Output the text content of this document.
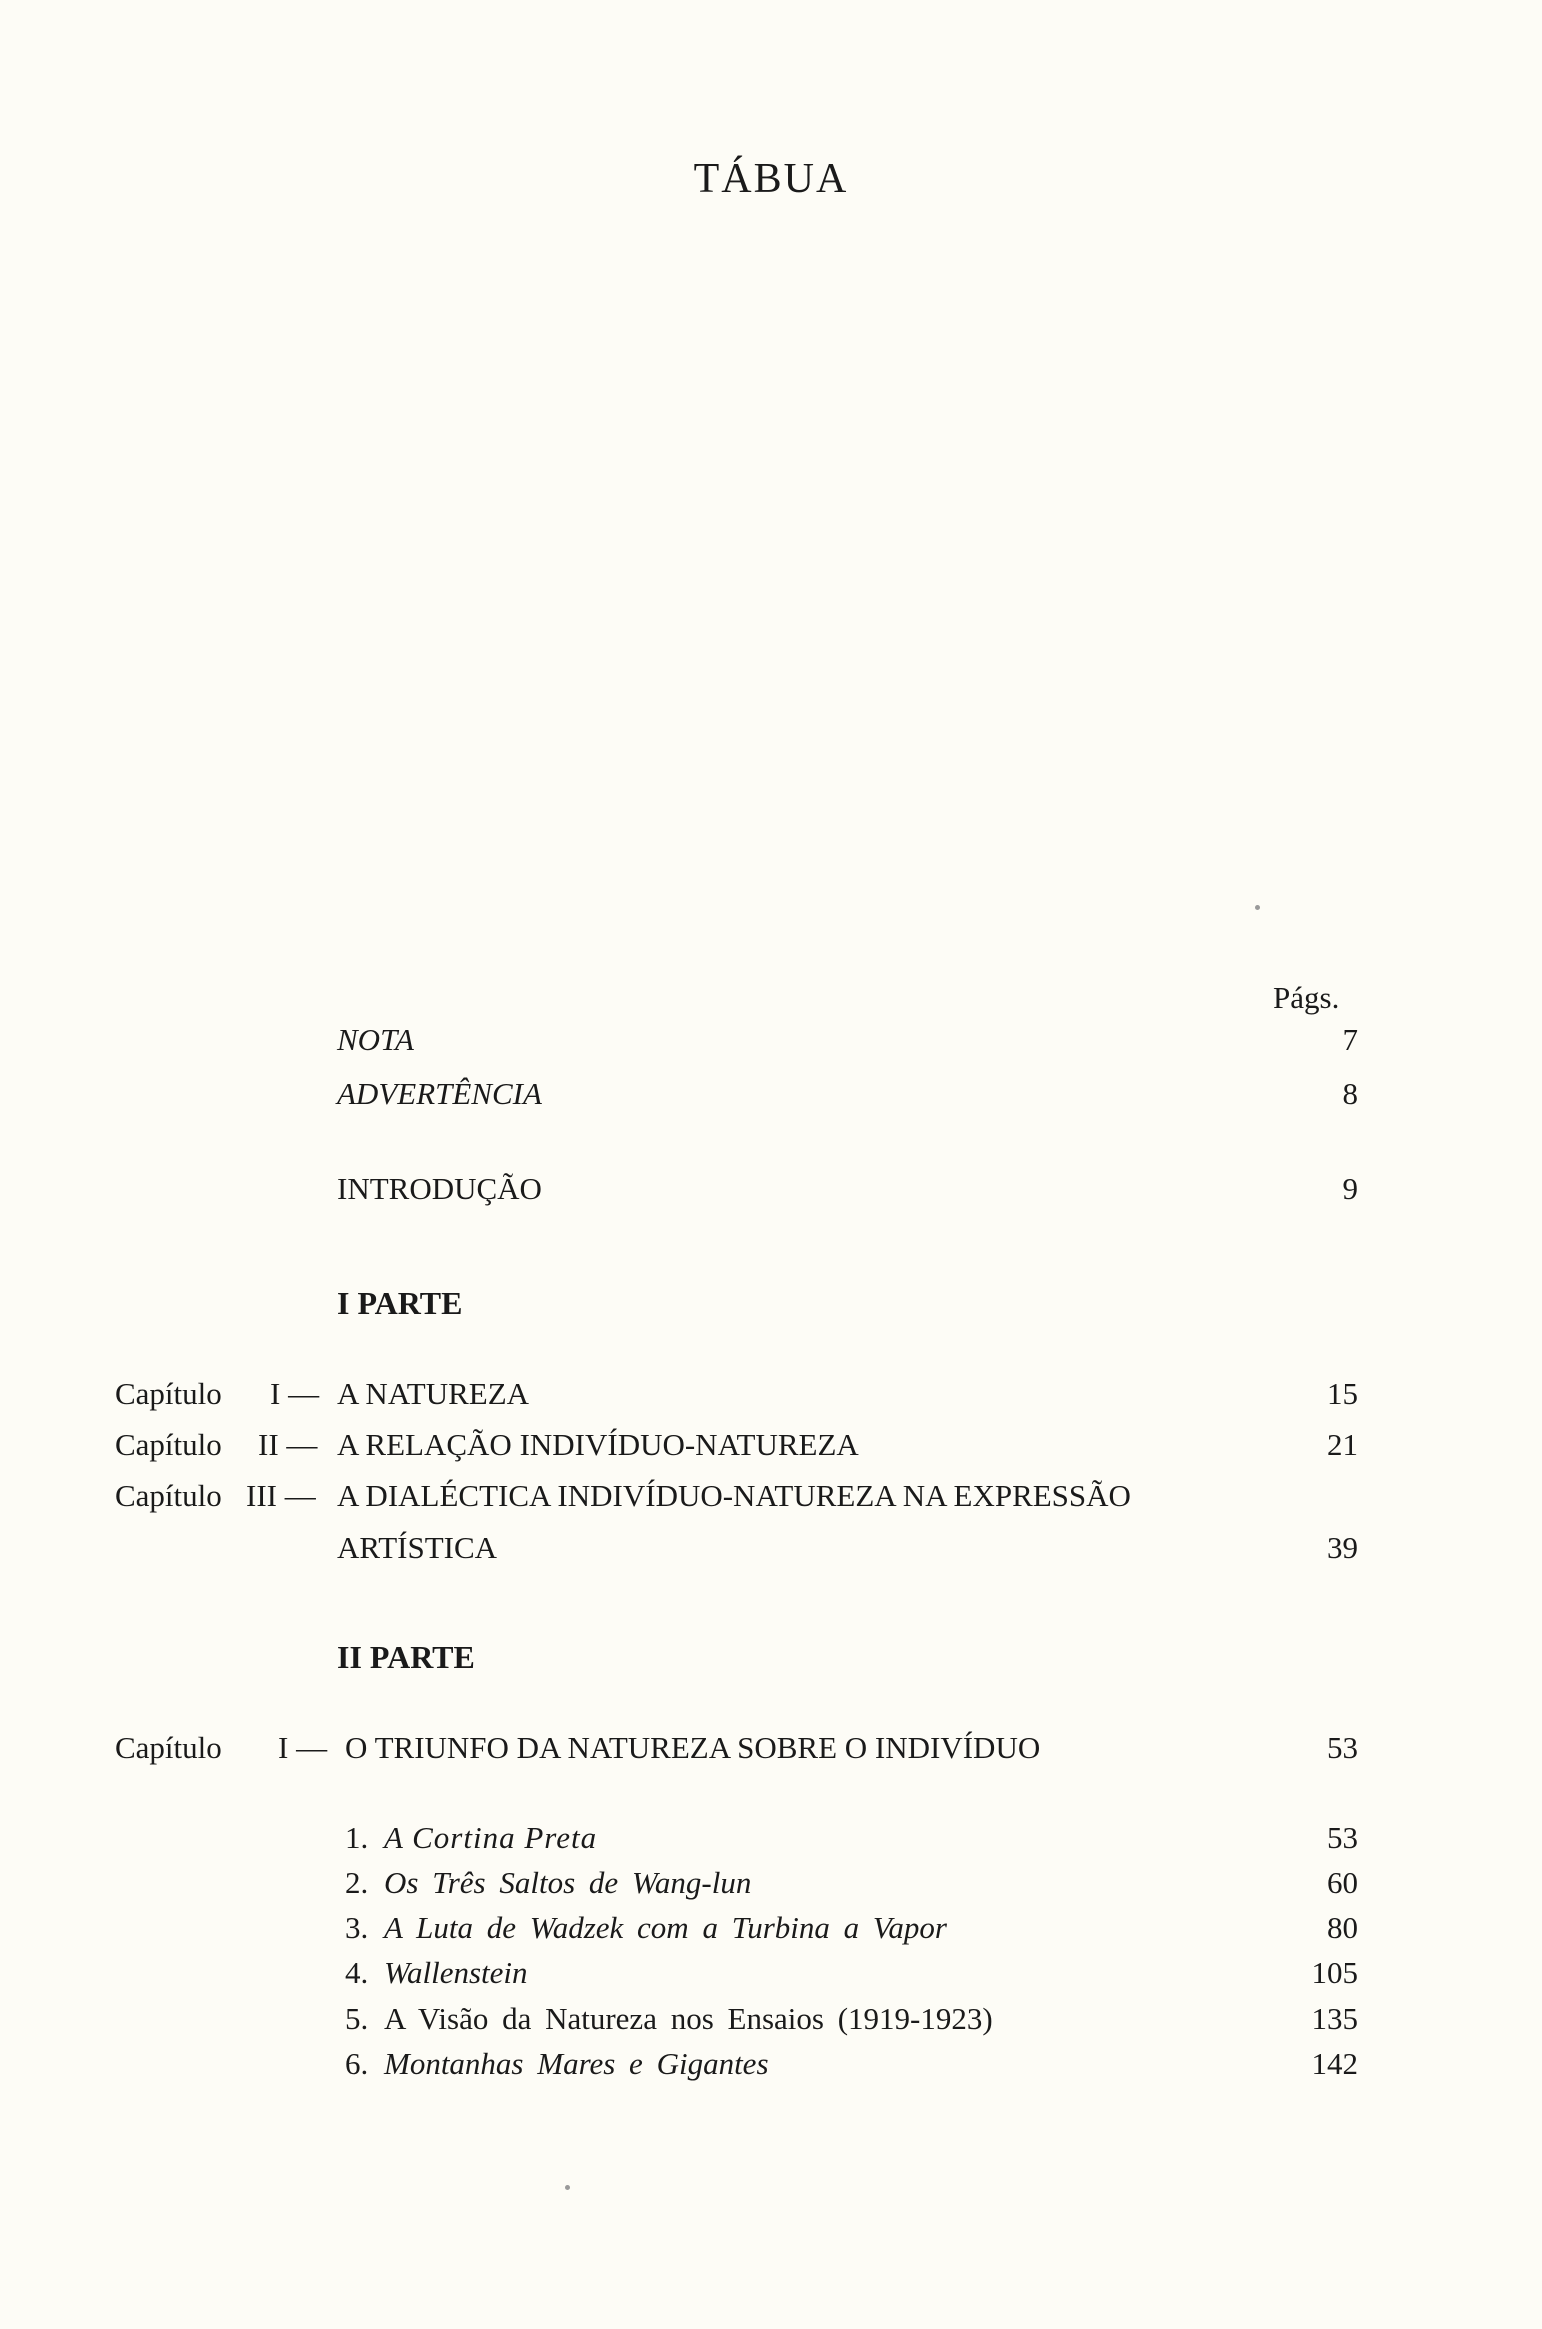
TÁBUA
Págs.
NOTA	7
ADVERTÊNCIA	8
INTRODUÇÃO	9
I PARTE
Capítulo I — A NATUREZA	15
Capítulo II — A RELAÇÃO INDIVÍDUO-NATUREZA	21
Capítulo III — A DIALÉCTICA INDIVÍDUO-NATUREZA NA EXPRESSÃO
ARTÍSTICA	39
II PARTE
Capítulo I — O TRIUNFO DA NATUREZA SOBRE O INDIVÍDUO	53
1. A Cortina Preta	53
2. Os Três Saltos de Wang-lun	60
3. A Luta de Wadzek com a Turbina a Vapor	80
4. Wallenstein	105
5. A Visão da Natureza nos Ensaios (1919-1923)	135
6. Montanhas Mares e Gigantes	142
